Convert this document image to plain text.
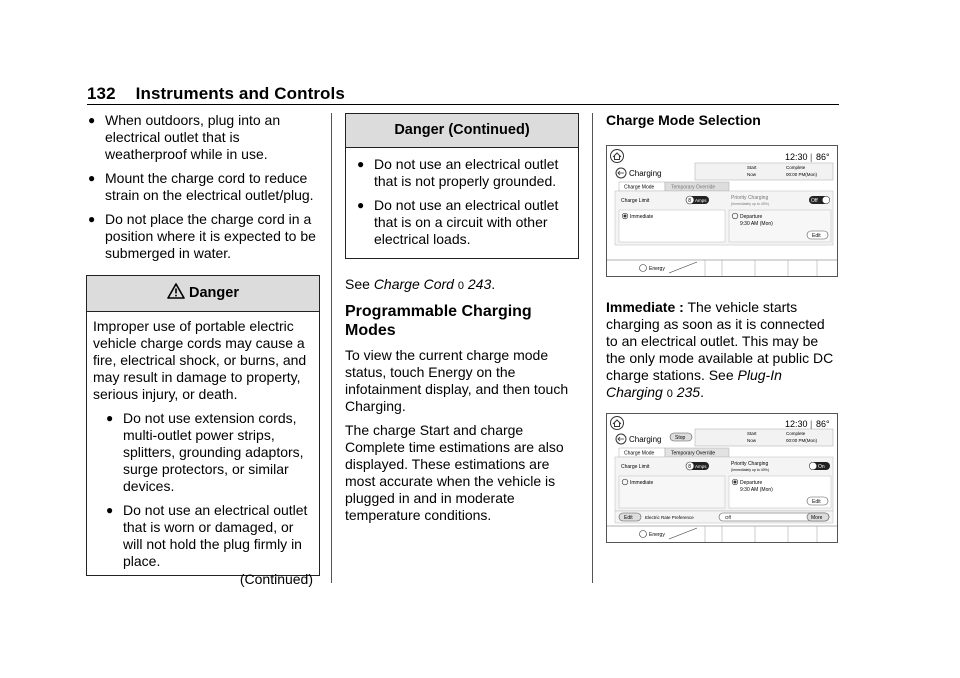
132 Instruments and Controls
● When outdoors, plug into an electrical outlet that is weatherproof while in use.
● Mount the charge cord to reduce strain on the electrical outlet/plug.
● Do not place the charge cord in a position where it is expected to be submerged in water.
Danger

Improper use of portable electric vehicle charge cords may cause a fire, electrical shock, or burns, and may result in damage to property, serious injury, or death.

● Do not use extension cords, multi-outlet power strips, splitters, grounding adaptors, surge protectors, or similar devices.
● Do not use an electrical outlet that is worn or damaged, or will not hold the plug firmly in place.
(Continued)
Danger (Continued)
● Do not use an electrical outlet that is not properly grounded.
● Do not use an electrical outlet that is on a circuit with other electrical loads.

See Charge Cord 0 243.

Programmable Charging Modes

To view the current charge mode status, touch Energy on the infotainment display, and then touch Charging.

The charge Start and charge Complete time estimations are also displayed. These estimations are most accurate when the vehicle is plugged in and in moderate temperature conditions.

Charge Mode Selection
12:30 | 86°
Charging
Start
Now
Complete
00:00 PM(Mon)
Charge Mode	Temporary Override
Charge Limit	8 Amps	Priority Charging
(Immediately up to 40%)	Off
Immediate	Departure
9:30 AM (Mon)
Edit
Energy
Immediate : The vehicle starts charging as soon as it is connected to an electrical outlet. This may be the only mode available at public DC charge stations. See Plug-In Charging 0 235.
12:30 | 86°
Charging	Stop
Start
Now
Complete
00:00 PM(Mon)
Charge Mode	Temporary Override
Charge Limit	8 Amps	Priority Charging
(Immediately up to 40%)	On
Immediate	Departure
9:30 AM (Mon)
Edit
Edit	Electric Rate Preference	Off	More
Energy
